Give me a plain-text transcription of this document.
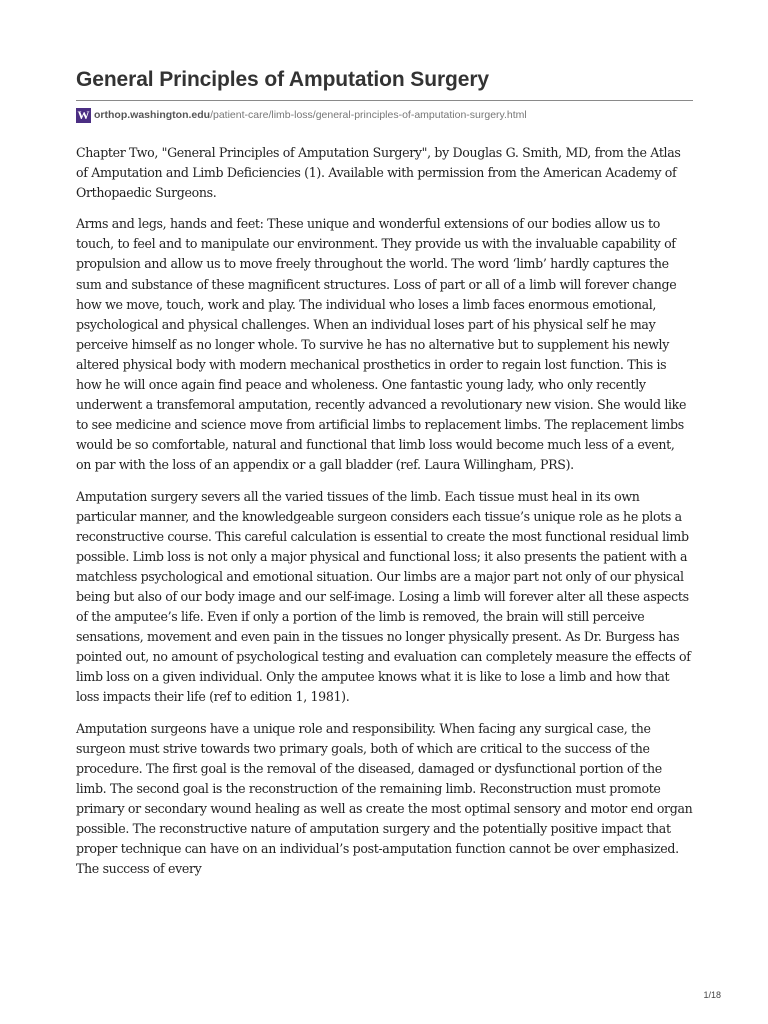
General Principles of Amputation Surgery
W orthop.washington.edu /patient-care/limb-loss/general-principles-of-amputation-surgery.html

Chapter Two, "General Principles of Amputation Surgery", by Douglas G. Smith, MD, from the Atlas of Amputation and Limb Deficiencies (1). Available with permission from the American Academy of Orthopaedic Surgeons.

Arms and legs, hands and feet: These unique and wonderful extensions of our bodies allow us to touch, to feel and to manipulate our environment. They provide us with the invaluable capability of propulsion and allow us to move freely throughout the world. The word ‘limb’ hardly captures the sum and substance of these magnificent structures. Loss of part or all of a limb will forever change how we move, touch, work and play. The individual who loses a limb faces enormous emotional, psychological and physical challenges. When an individual loses part of his physical self he may perceive himself as no longer whole. To survive he has no alternative but to supplement his newly altered physical body with modern mechanical prosthetics in order to regain lost function. This is how he will once again find peace and wholeness. One fantastic young lady, who only recently underwent a transfemoral amputation, recently advanced a revolutionary new vision. She would like to see medicine and science move from artificial limbs to replacement limbs. The replacement limbs would be so comfortable, natural and functional that limb loss would become much less of a event, on par with the loss of an appendix or a gall bladder (ref. Laura Willingham, PRS).

Amputation surgery severs all the varied tissues of the limb. Each tissue must heal in its own particular manner, and the knowledgeable surgeon considers each tissue’s unique role as he plots a reconstructive course. This careful calculation is essential to create the most functional residual limb possible. Limb loss is not only a major physical and functional loss; it also presents the patient with a matchless psychological and emotional situation. Our limbs are a major part not only of our physical being but also of our body image and our self-image. Losing a limb will forever alter all these aspects of the amputee’s life. Even if only a portion of the limb is removed, the brain will still perceive sensations, movement and even pain in the tissues no longer physically present. As Dr. Burgess has pointed out, no amount of psychological testing and evaluation can completely measure the effects of limb loss on a given individual. Only the amputee knows what it is like to lose a limb and how that loss impacts their life (ref to edition 1, 1981).

Amputation surgeons have a unique role and responsibility. When facing any surgical case, the surgeon must strive towards two primary goals, both of which are critical to the success of the procedure. The first goal is the removal of the diseased, damaged or dysfunctional portion of the limb. The second goal is the reconstruction of the remaining limb. Reconstruction must promote primary or secondary wound healing as well as create the most optimal sensory and motor end organ possible. The reconstructive nature of amputation surgery and the potentially positive impact that proper technique can have on an individual’s post-amputation function cannot be over emphasized. The success of every

1/18
